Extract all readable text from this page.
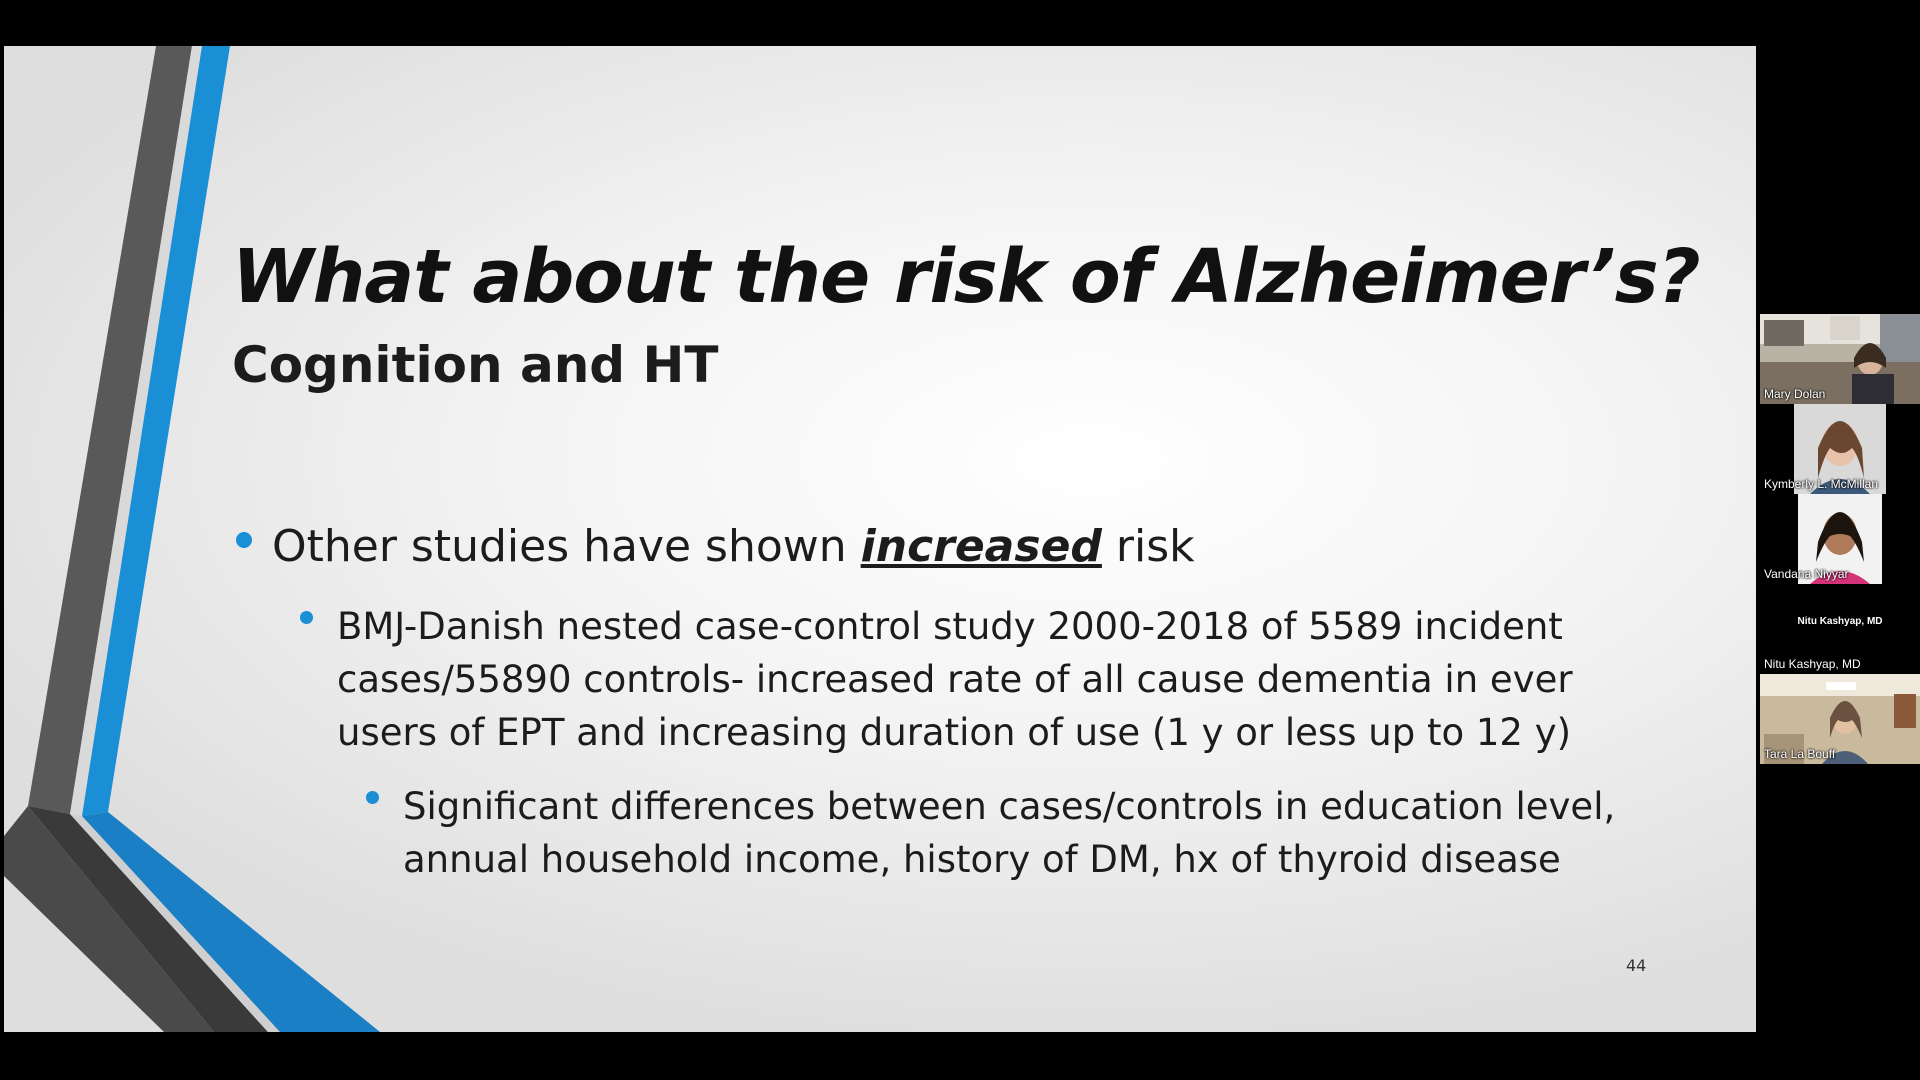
What about the risk of Alzheimer’s?
Cognition and HT
Other studies have shown increased risk
BMJ-Danish nested case-control study 2000-2018 of 5589 incident cases/55890 controls- increased rate of all cause dementia in ever users of EPT and increasing duration of use (1 y or less up to 12 y)
Significant differences between cases/controls in education level, annual household income, history of DM, hx of thyroid disease
44
Mary Dolan
Kymberly L. McMillan
Vandana Niyyar
Nitu Kashyap, MD
Nitu Kashyap, MD
Tara La Bouff
